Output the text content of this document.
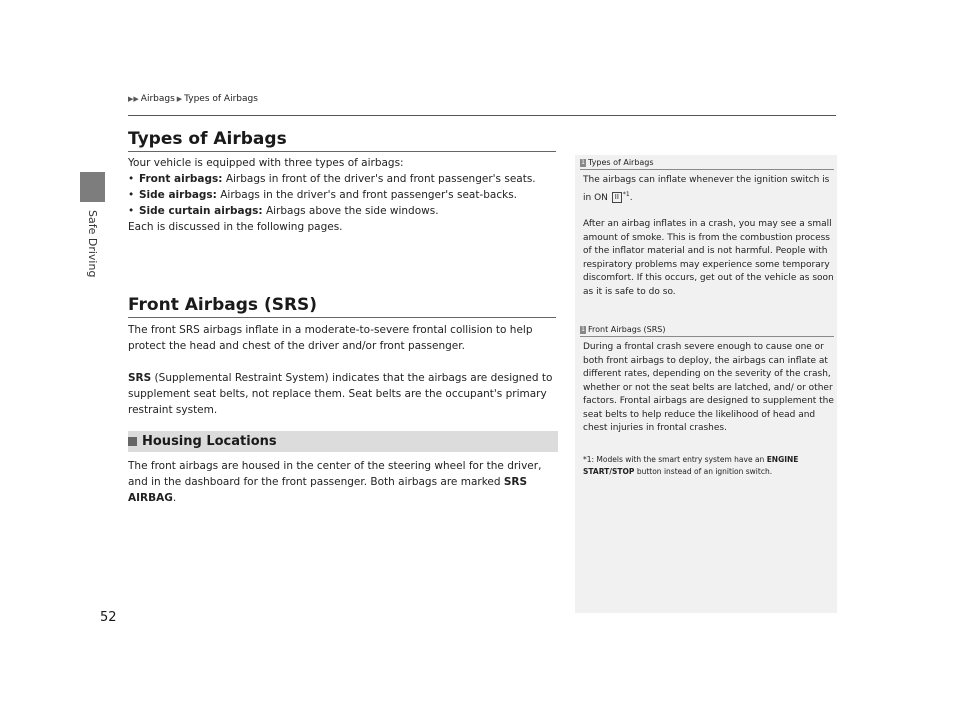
Safe Driving
▶▶ Airbags ▶ Types of Airbags
Types of Airbags

Your vehicle is equipped with three types of airbags:

• Front airbags: Airbags in front of the driver's and front passenger's seats.
• Side airbags: Airbags in the driver's and front passenger's seat-backs.
• Side curtain airbags: Airbags above the side windows.

Each is discussed in the following pages.

Front Airbags (SRS)

The front SRS airbags inflate in a moderate-to-severe frontal collision to help protect the head and chest of the driver and/or front passenger.

SRS (Supplemental Restraint System) indicates that the airbags are designed to supplement seat belts, not replace them. Seat belts are the occupant's primary restraint system.

Housing Locations

The front airbags are housed in the center of the steering wheel for the driver, and in the dashboard for the front passenger. Both airbags are marked SRS AIRBAG.

1 Types of Airbags

The airbags can inflate whenever the ignition switch is in ON II $^{*1}$.

After an airbag inflates in a crash, you may see a small amount of smoke. This is from the combustion process of the inflator material and is not harmful. People with respiratory problems may experience some temporary discomfort. If this occurs, get out of the vehicle as soon as it is safe to do so.

1 Front Airbags (SRS)

During a frontal crash severe enough to cause one or both front airbags to deploy, the airbags can inflate at different rates, depending on the severity of the crash, whether or not the seat belts are latched, and/ or other factors. Frontal airbags are designed to supplement the seat belts to help reduce the likelihood of head and chest injuries in frontal crashes.

*1: Models with the smart entry system have an ENGINE START/STOP button instead of an ignition switch.
52
